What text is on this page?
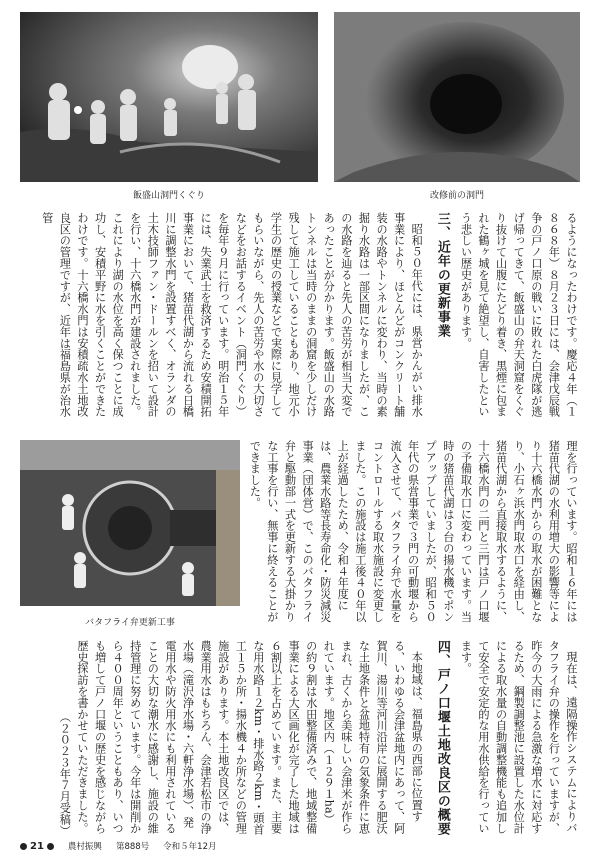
飯盛山洞門くぐり	改修前の洞門
バタフライ弁更新工事

るようになったわけです。慶応４年（１８６８年）８月２３日には、会津戊辰戦争の戸ノ口原の戦いに敗れた白虎隊が逃げ帰ってきて、飯盛山の弁天洞窟をくぐり抜けて山腹にたどり着き、黒煙に包まれた鶴ヶ城を見て絶望し、自害したという悲しい歴史があります。

三、近年の更新事業

昭和５０年代には、県営かんがい排水事業により、ほとんどがコンクリート舗装の水路やトンネルに変わり、当時の素掘り水路は一部区間になりましたが、この水路を辿ると先人の苦労が相当大変であったことが分かります。飯盛山の水路トンネルは当時のままの洞窟を少しだけ残して施工していることもあり、地元小学生の歴史の授業などで実際に見学してもらいながら、先人の苦労や水の大切さなどをお話するイベント（洞門くぐり）を毎年９月に行っています。明治１５年には、失業武士を救済するため安積開拓事業において、猪苗代湖から流れる日橋川に調整水門を設置すべく、オランダの土木技師ファン・ドールンを招いて設計を行い、十六橋水門が建設されました。これにより湖の水位を高く保つことに成功し、安積平野に水を引くことができたわけです。十六橋水門は安積疏水土地改良区の管理ですが、近年は福島県が治水管

理を行っています。昭和１６年には猪苗代湖の水利用増大の影響等により十六橋水門からの取水が困難となり、小石ヶ浜水門取水口を経由し、猪苗代湖から直接取水するように、十六橋水門の二門と三門は戸ノ口堰の予備取水口に変わっています。当時の猪苗代湖は３台の揚水機でポンプアップしていましたが、昭和５０年代の県営事業で３門の可動堰から流入させて、バタフライ弁で水量をコントロールする取水施設に変更しました。この施設は施工後４０年以上が経過したため、令和４年度には、農業水路等長寿命化・防災減災事業（団体営）で、このバタフライ弁と駆動部一式を更新する大掛かりな工事を行い、無事に終えることができました。

現在は、遠隔操作システムによりバタフライ弁の操作を行っていますが、昨今の大雨による急激な増水に対応するため、鋼製調整池に設置した水位計による取水量の自動調整機能も追加して安全で安定的な用水供給を行っています。

四、戸ノ口堰土地改良区の概要

本地域は、福島県の西部に位置する、いわゆる会津盆地内にあって、阿賀川、湯川等河川沿岸に展開する肥沃な土地条件と盆地特有の気象条件に恵まれ、古くから美味しい会津米が作られています。地区内（１２９１ha）の約９割は水田整備済みで、地域整備事業による大区画化が完了した地域は６割以上を占めています。また、主要な用水路１２km・排水路２km・頭首工１５か所・揚水機４か所などの管理施設があります。本土地改良区では、農業用水はもちろん、会津若松市の浄水場（滝沢浄水場・六軒浄水場）、発電用水や防火用水にも利用されていることの大切な潮水に感謝し、施設の維持管理に努めています。今年は開削から４００周年ということもあり、いつも増して戸ノ口堰の歴史を感じながら歴史探訪を書かせていただきました。

（２０２３年７月受稿）

21	農村振興 第888号 令和５年12月
